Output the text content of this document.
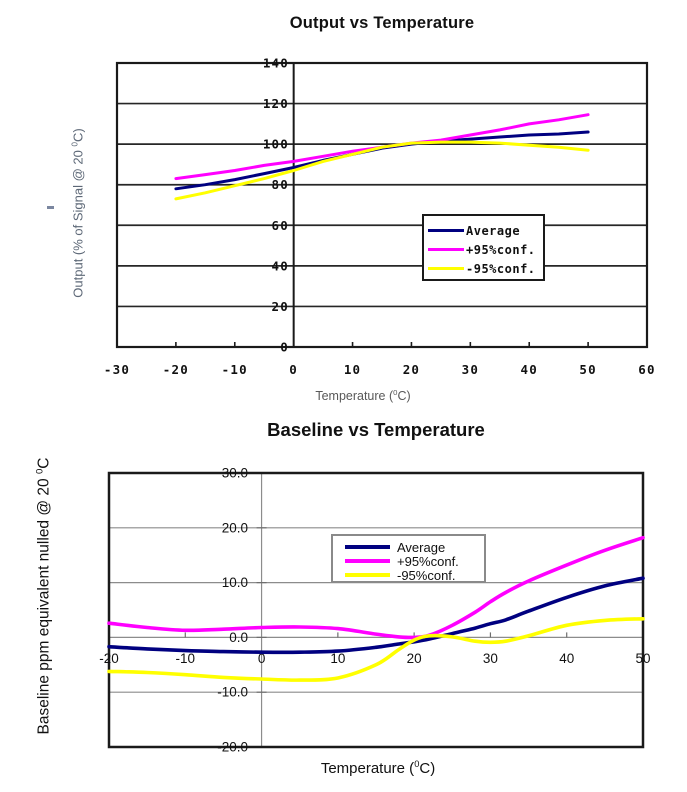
Output vs Temperature
Output (% of Signal @ 20 $^0$C)
140
120
100
80
60
40
20
0
-30	-20	-10	0	10	20	30	40	50	60
Average
+95%conf.
-95%conf.
Temperature ($^0$C)
Baseline vs Temperature
Baseline ppm equivalent nulled @ 20 $^0$C
30.0
20.0
10.0
0.0
-10.0
-20.0
-20	-10	0	10	20	30	40	50
Average
+95%conf.
-95%conf.
Temperature ($^0$C)
